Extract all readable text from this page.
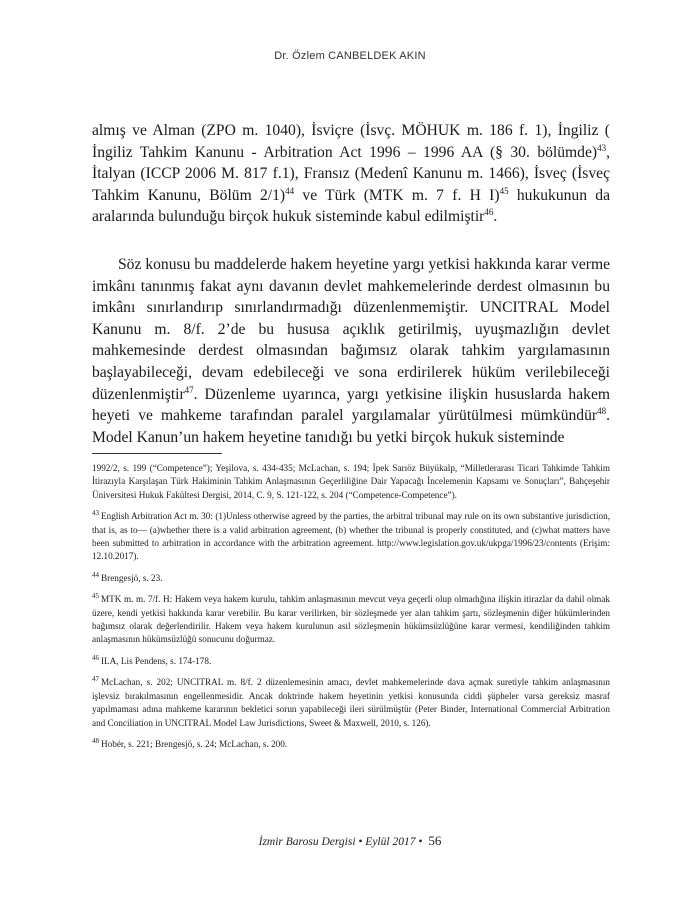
Dr. Özlem CANBELDEK AKIN

almış ve Alman (ZPO m. 1040), İsviçre (İsvç. MÖHUK m. 186 f. 1), İngiliz ( İngiliz Tahkim Kanunu - Arbitration Act 1996 – 1996 AA (§ 30. bölümde)$^{43}$, İtalyan (ICCP 2006 M. 817 f.1), Fransız (Medenî Kanunu m. 1466), İsveç (İsveç Tahkim Kanunu, Bölüm 2/1)$^{44}$ ve Türk (MTK m. 7 f. H I)$^{45}$ hukukunun da aralarında bulunduğu birçok hukuk sisteminde kabul edilmiştir$^{46}$.

Söz konusu bu maddelerde hakem heyetine yargı yetkisi hakkında karar verme imkânı tanınmış fakat aynı davanın devlet mahkemelerinde derdest olmasının bu imkânı sınırlandırıp sınırlandırmadığı düzenlenmemiştir. UNCITRAL Model Kanunu m. 8/f. 2’de bu hususa açıklık getirilmiş, uyuşmazlığın devlet mahkemesinde derdest olmasından bağımsız olarak tahkim yargılamasının başlayabileceği, devam edebileceği ve sona erdirilerek hüküm verilebileceği düzenlenmiştir$^{47}$. Düzenleme uyarınca, yargı yetkisine ilişkin hususlarda hakem heyeti ve mahkeme tarafından paralel yargılamalar yürütülmesi mümkündür$^{48}$. Model Kanun’un hakem heyetine tanıdığı bu yetki birçok hukuk sisteminde

1992/2, s. 199 (“Competence”); Yeşilova, s. 434-435; McLachan, s. 194; İpek Sarıöz Büyükalp, “Milletlerarası Ticari Tahkimde Tahkim İtirazıyla Karşılaşan Türk Hakiminin Tahkim Anlaşmasının Geçerliliğine Dair Yapacağı İncelemenin Kapsamı ve Sonuçları”, Bahçeşehir Üniversitesi Hukuk Fakültesi Dergisi, 2014, C. 9, S. 121-122, s. 204 (“Competence-Competence”).

$^{43}$ English Arbitration Act m. 30: (1)Unless otherwise agreed by the parties, the arbitral tribunal may rule on its own substantive jurisdiction, that is, as to— (a)whether there is a valid arbitration agreement, (b) whether the tribunal is properly constituted, and (c)what matters have been submitted to arbitration in accordance with the arbitration agreement. http://www.legislation.gov.uk/ukpga/1996/23/contents (Erişim: 12.10.2017).

$^{44}$ Brengesjö, s. 23.

$^{45}$ MTK m. m. 7/f. H: Hakem veya hakem kurulu, tahkim anlaşmasının mevcut veya geçerli olup olmadığına ilişkin itirazlar da dahil olmak üzere, kendi yetkisi hakkında karar verebilir. Bu karar verilirken, bir sözleşmede yer alan tahkim şartı, sözleşmenin diğer hükümlerinden bağımsız olarak değerlendirilir. Hakem veya hakem kurulunun asıl sözleşmenin hükümsüzlüğüne karar vermesi, kendiliğinden tahkim anlaşmasının hükümsüzlüğü sonucunu doğurmaz.

$^{46}$ ILA, Lis Pendens, s. 174-178.

$^{47}$ McLachan, s. 202; UNCITRAL m. 8/f. 2 düzenlemesinin amacı, devlet mahkemelerinde dava açmak suretiyle tahkim anlaşmasının işlevsiz bırakılmasının engellenmesidir. Ancak doktrinde hakem heyetinin yetkisi konusunda ciddi şüpheler varsa gereksiz masraf yapılmaması adına mahkeme kararının bekletici sorun yapabileceği ileri sürülmüştür (Peter Binder, International Commercial Arbitration and Conciliation in UNCITRAL Model Law Jurisdictions, Sweet & Maxwell, 2010, s. 126).

$^{48}$ Hobér, s. 221; Brengesjö, s. 24; McLachan, s. 200.

İzmir Barosu Dergisi • Eylül 2017 • 56
